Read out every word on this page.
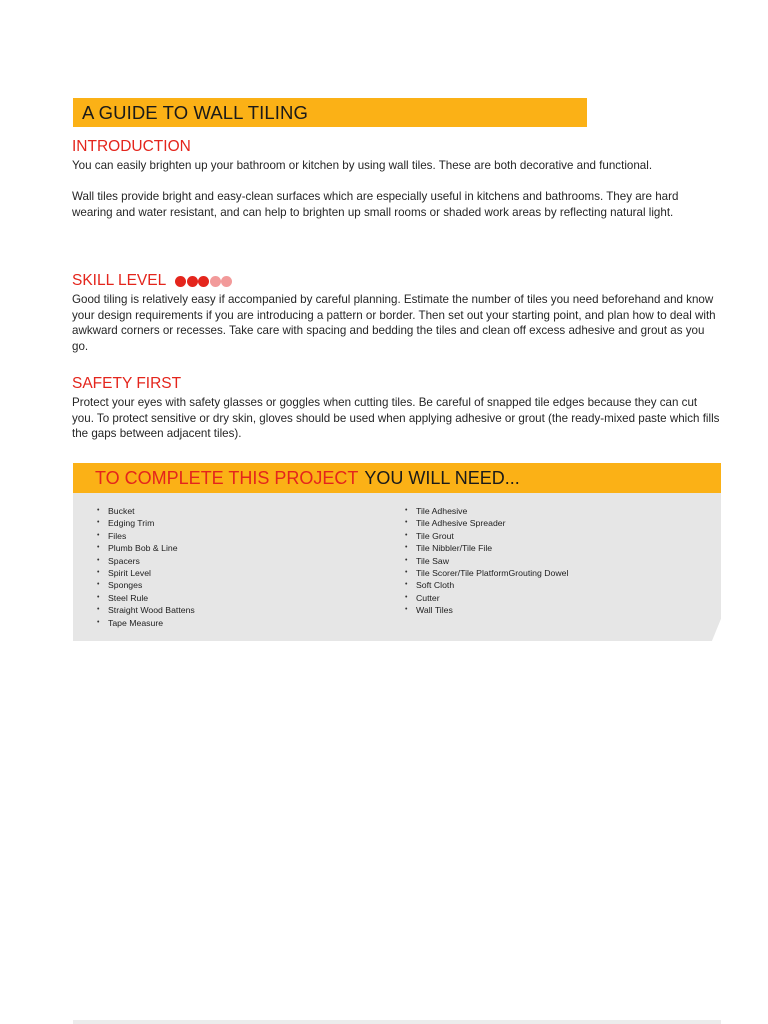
A GUIDE TO WALL TILING
INTRODUCTION

You can easily brighten up your bathroom or kitchen by using wall tiles. These are both decorative and functional.

Wall tiles provide bright and easy-clean surfaces which are especially useful in kitchens and bathrooms. They are hard wearing and water resistant, and can help to brighten up small rooms or shaded work areas by reflecting natural light.

SKILL LEVEL

Good tiling is relatively easy if accompanied by careful planning. Estimate the number of tiles you need beforehand and know your design requirements if you are introducing a pattern or border. Then set out your starting point, and plan how to deal with awkward corners or recesses. Take care with spacing and bedding the tiles and clean off excess adhesive and grout as you go.

SAFETY FIRST

Protect your eyes with safety glasses or goggles when cutting tiles. Be careful of snapped tile edges because they can cut you. To protect sensitive or dry skin, gloves should be used when applying adhesive or grout (the ready-mixed paste which fills the gaps between adjacent tiles).

TO COMPLETE THIS PROJECT YOU WILL NEED...
• Bucket
• Edging Trim
• Files
• Plumb Bob & Line
• Spacers
• Spirit Level
• Sponges
• Steel Rule
• Straight Wood Battens
• Tape Measure
• Tile Adhesive
• Tile Adhesive Spreader
• Tile Grout
• Tile Nibbler/Tile File
• Tile Saw
• Tile Scorer/Tile PlatformGrouting Dowel
• Soft Cloth
• Cutter
• Wall Tiles
